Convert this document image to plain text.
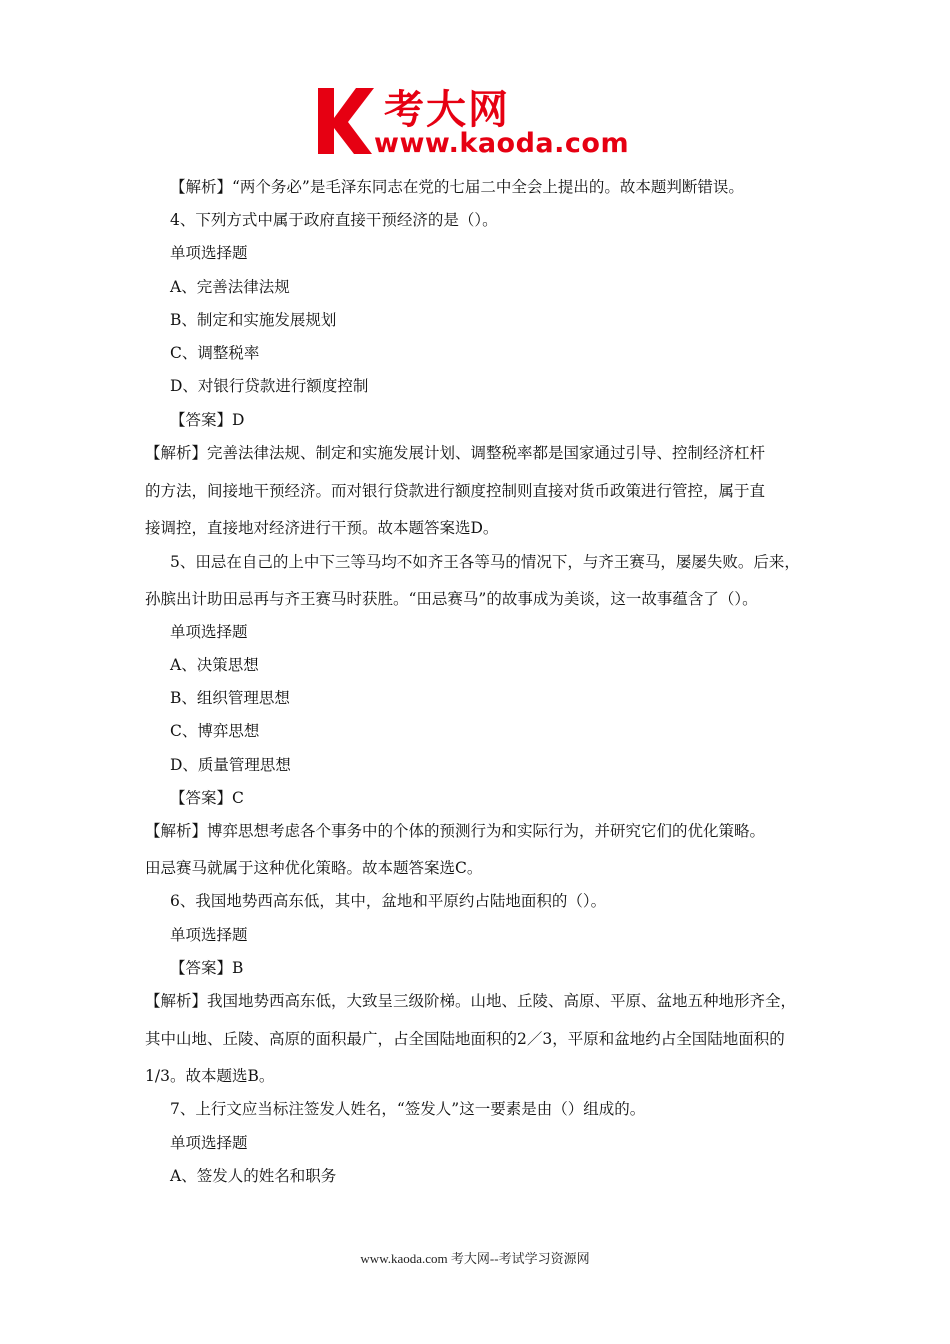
考大网
www.kaoda.com
【解析】“两个务必”是毛泽东同志在党的七届二中全会上提出的。故本题判断错误。
4、下列方式中属于政府直接干预经济的是（）。
单项选择题
A、完善法律法规
B、制定和实施发展规划
C、调整税率
D、对银行贷款进行额度控制
【答案】D
【解析】完善法律法规、制定和实施发展计划、调整税率都是国家通过引导、控制经济杠杆
的方法，间接地干预经济。而对银行贷款进行额度控制则直接对货币政策进行管控，属于直
接调控，直接地对经济进行干预。故本题答案选D。
5、田忌在自己的上中下三等马均不如齐王各等马的情况下，与齐王赛马，屡屡失败。后来，
孙膑出计助田忌再与齐王赛马时获胜。“田忌赛马”的故事成为美谈，这一故事蕴含了（）。
单项选择题
A、决策思想
B、组织管理思想
C、博弈思想
D、质量管理思想
【答案】C
【解析】博弈思想考虑各个事务中的个体的预测行为和实际行为，并研究它们的优化策略。
田忌赛马就属于这种优化策略。故本题答案选C。
6、我国地势西高东低，其中，盆地和平原约占陆地面积的（）。
单项选择题
【答案】B
【解析】我国地势西高东低，大致呈三级阶梯。山地、丘陵、高原、平原、盆地五种地形齐全，
其中山地、丘陵、高原的面积最广，占全国陆地面积的2／3，平原和盆地约占全国陆地面积的
1/3。故本题选B。
7、上行文应当标注签发人姓名，“签发人”这一要素是由（）组成的。
单项选择题
A、签发人的姓名和职务
www.kaoda.com 考大网--考试学习资源网
